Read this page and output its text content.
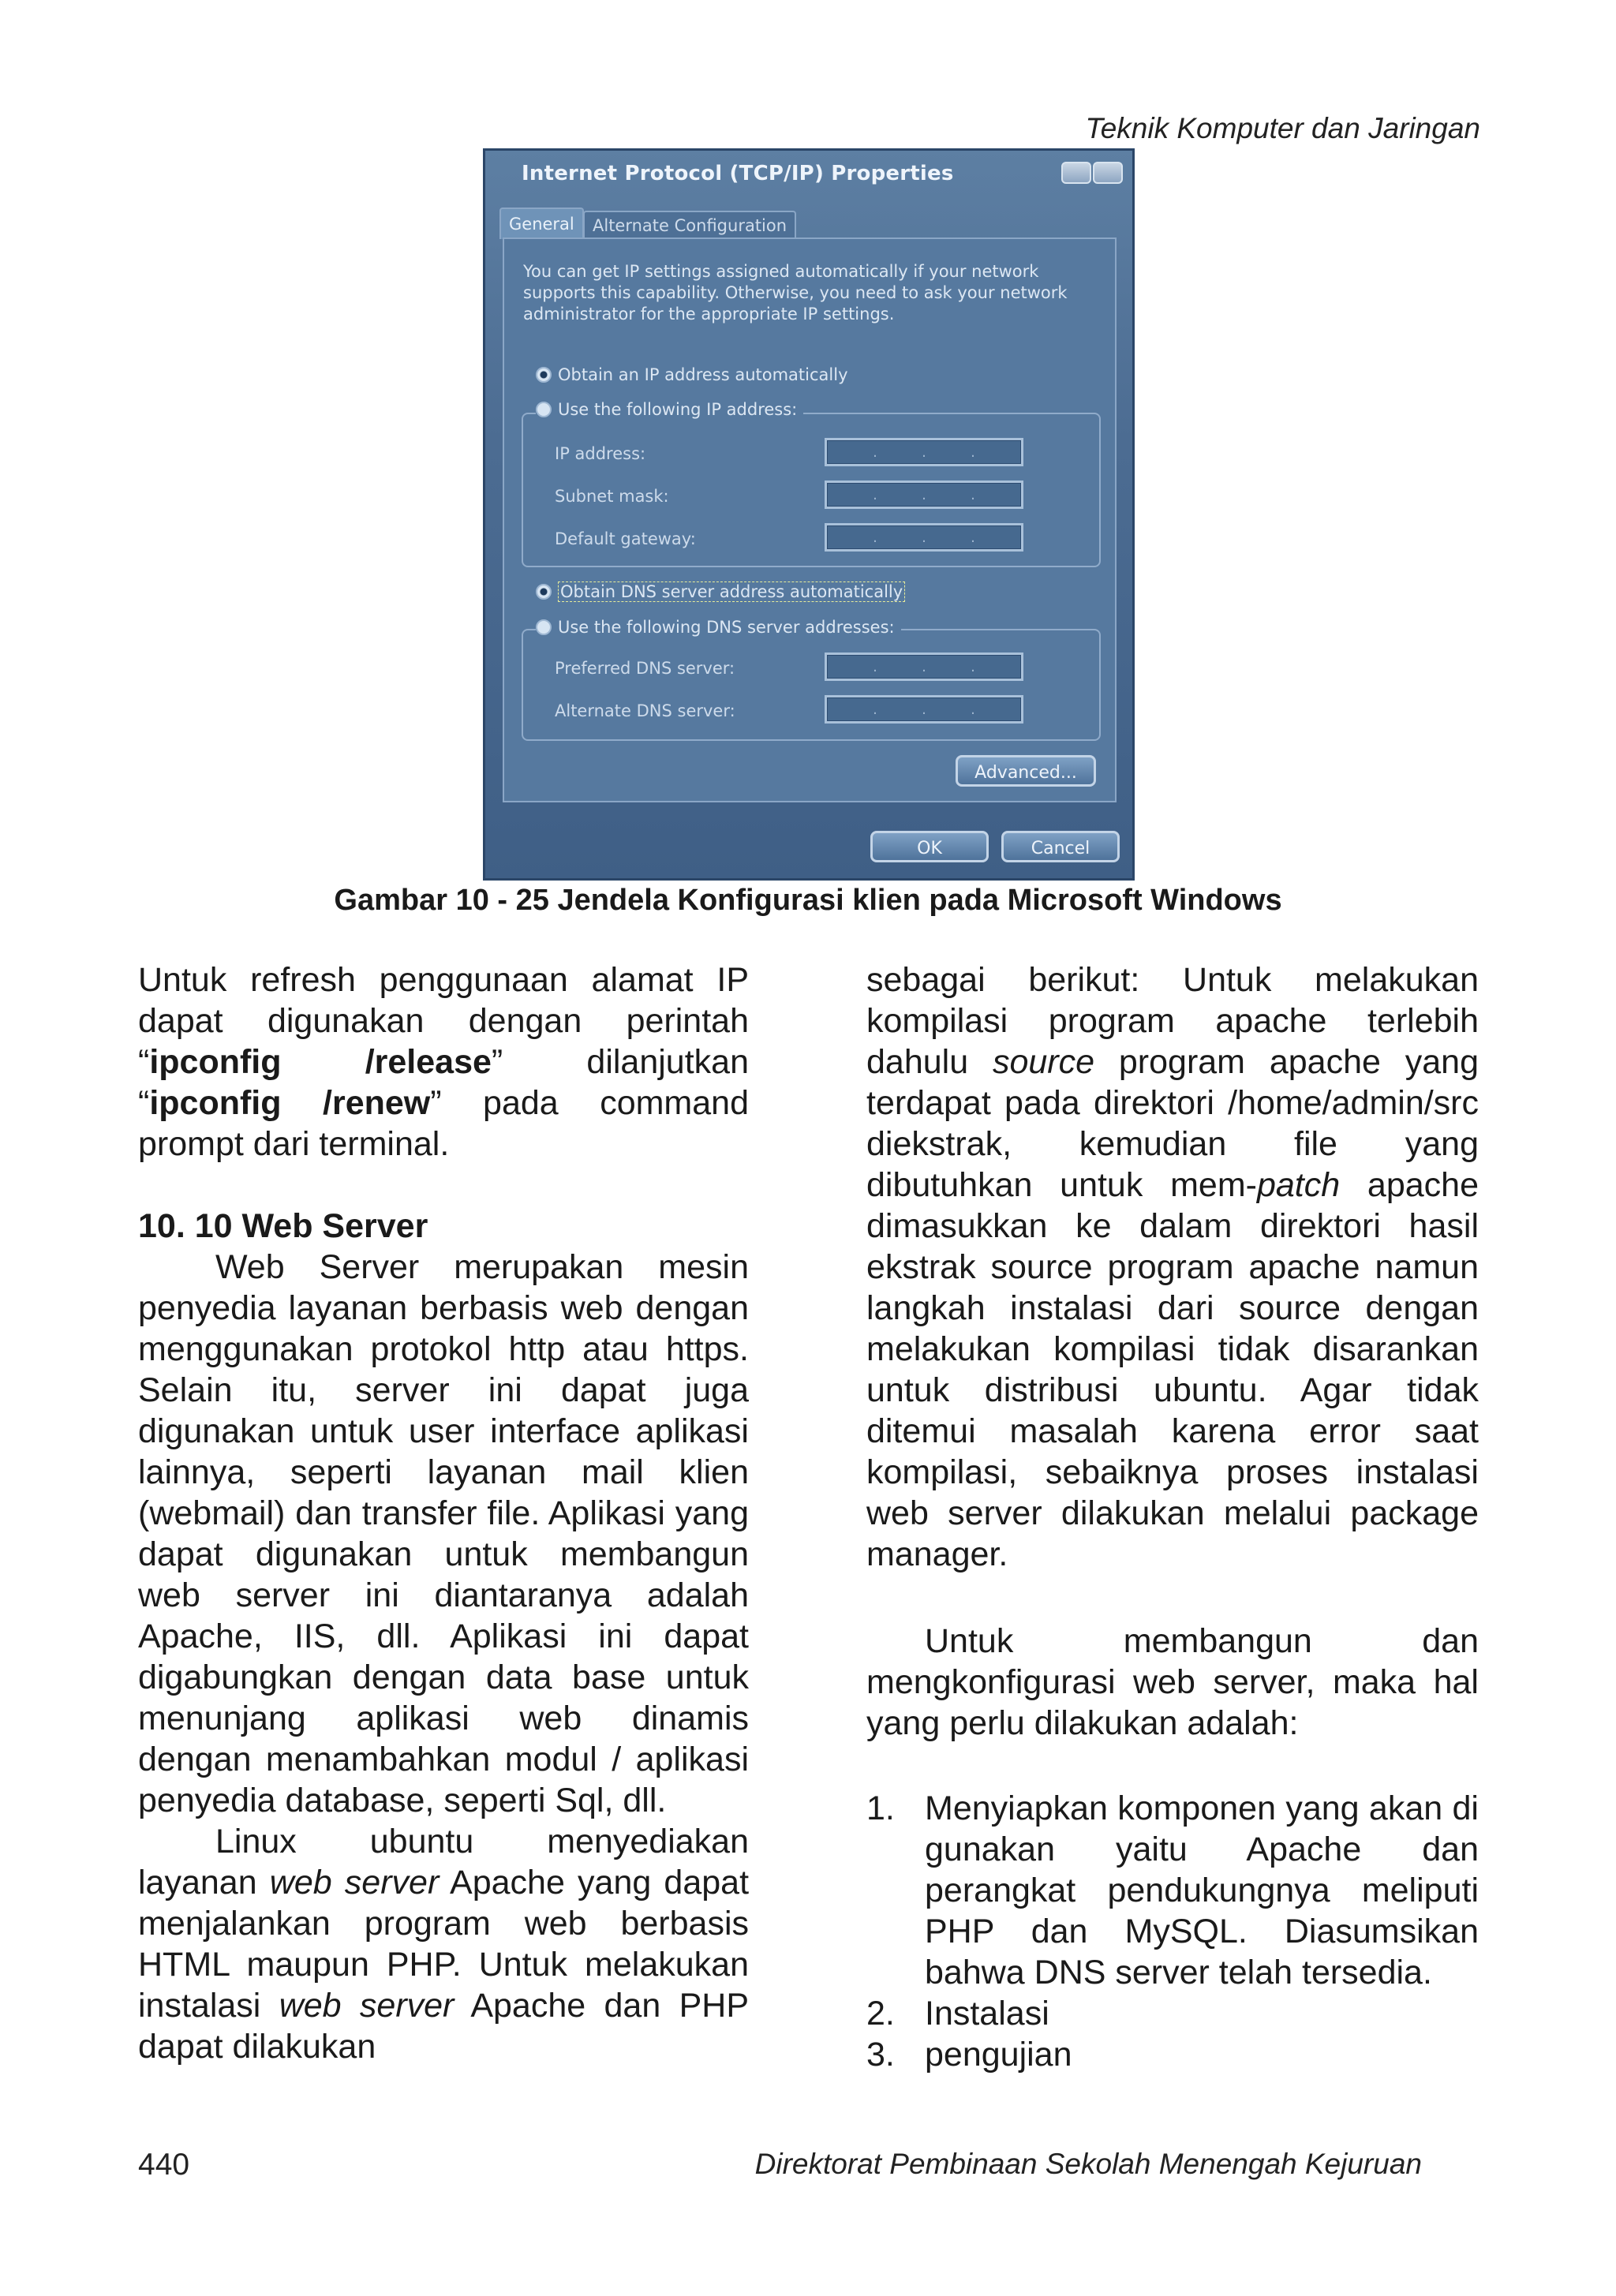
Teknik Komputer dan Jaringan
Internet Protocol (TCP/IP) Properties
General	Alternate Configuration
You can get IP settings assigned automatically if your network supports this capability. Otherwise, you need to ask your network administrator for the appropriate IP settings.
Obtain an IP address automatically
IP address:	.	.	.
Subnet mask:	.	.	.
Default gateway:	.	.	.
Use the following IP address:
Obtain DNS server address automatically
Preferred DNS server:	.	.	.
Alternate DNS server:	.	.	.
Use the following DNS server addresses:
Advanced...
OK	Cancel
Gambar 10 - 25 Jendela Konfigurasi klien pada Microsoft Windows

Untuk refresh penggunaan alamat IP dapat digunakan dengan perintah “ipconfig /release” dilanjutkan “ipconfig /renew” pada command prompt dari terminal.

10. 10 Web Server

Web Server merupakan mesin penyedia layanan berbasis web dengan menggunakan protokol http atau https. Selain itu, server ini dapat juga digunakan untuk user interface aplikasi lainnya, seperti layanan mail klien (webmail) dan transfer file. Aplikasi yang dapat digunakan untuk membangun web server ini diantaranya adalah Apache, IIS, dll. Aplikasi ini dapat digabungkan dengan data base untuk menunjang aplikasi web dinamis dengan menambahkan modul / aplikasi penyedia database, seperti Sql, dll.

Linux ubuntu menyediakan layanan web server Apache yang dapat menjalankan program web berbasis HTML maupun PHP. Untuk melakukan instalasi web server Apache dan PHP dapat dilakukan

sebagai berikut: Untuk melakukan kompilasi program apache terlebih dahulu source program apache yang terdapat pada direktori /home/admin/src diekstrak, kemudian file yang dibutuhkan untuk mem-patch apache dimasukkan ke dalam direktori hasil ekstrak source program apache namun langkah instalasi dari source dengan melakukan kompilasi tidak disarankan untuk distribusi ubuntu. Agar tidak ditemui masalah karena error saat kompilasi, sebaiknya proses instalasi web server dilakukan melalui package manager.

Untuk membangun dan mengkonfigurasi web server, maka hal yang perlu dilakukan adalah:

1. Menyiapkan komponen yang akan di gunakan yaitu Apache dan perangkat pendukungnya meliputi PHP dan MySQL. Diasumsikan bahwa DNS server telah tersedia.
2. Instalasi
3. pengujian
440	Direktorat Pembinaan Sekolah Menengah Kejuruan
